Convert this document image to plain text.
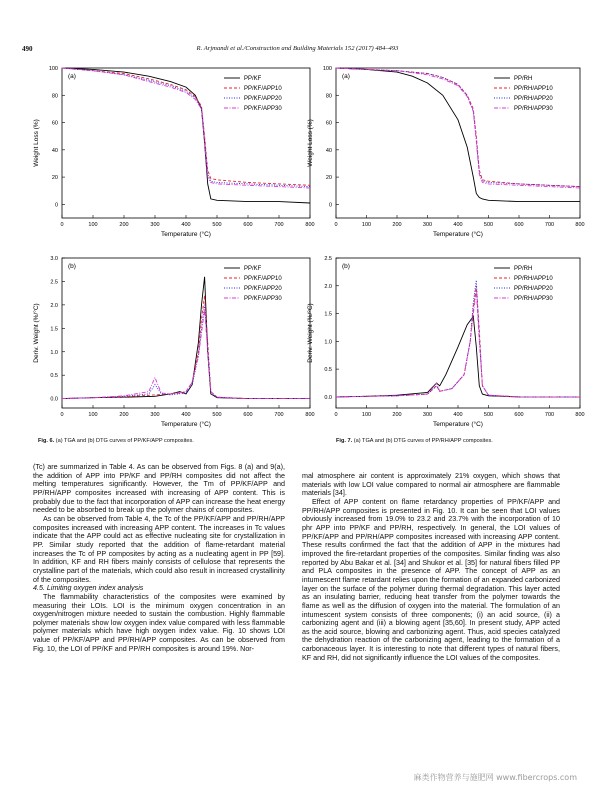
490	R. Arjmandi et al./Construction and Building Materials 152 (2017) 484–493
0	100	200	300	400	500	600	700	800
0
20
40
60
80
100
Temperature (°C)
Weight Loss (%)
(a)	PP/KF
PP/KF/APP10
PP/KF/APP20
PP/KF/APP30
0	100	200	300	400	500	600	700	800
0.0
0.5
1.0
1.5
2.0
2.5
3.0
Temperature (°C)
Deriv. Weight (%/°C)
(b)	PP/KF
PP/KF/APP10
PP/KF/APP20
PP/KF/APP30
Fig. 6. (a) TGA and (b) DTG curves of PP/KF/APP composites.
0	100	200	300	400	500	600	700	800
0
20
40
60
80
100
Temperature (°C)
Weight Loss (%)
(a)	PP/RH
PP/RH/APP10
PP/RH/APP20
PP/RH/APP30
0	100	200	300	400	500	600	700	800
0.0
0.5
1.0
1.5
2.0
2.5
Temperature (°C)
Deriv. Weight (%/°C)
(b)	PP/RH
PP/RH/APP10
PP/RH/APP20
PP/RH/APP30
Fig. 7. (a) TGA and (b) DTG curves of PP/RH/APP composites.

(Tc) are summarized in Table 4. As can be observed from Figs. 8 (a) and 9(a), the addition of APP into PP/KF and PP/RH composites did not affect the melting temperatures significantly. However, the Tm of PP/KF/APP and PP/RH/APP composites increased with increasing of APP content. This is probably due to the fact that incorporation of APP can increase the heat energy needed to be absorbed to break up the polymer chains of composites.

As can be observed from Table 4, the Tc of the PP/KF/APP and PP/RH/APP composites increased with increasing APP content. The increases in Tc values indicate that the APP could act as effective nucleating site for crystallization in PP. Similar study reported that the addition of flame-retardant material increases the Tc of PP composites by acting as a nucleating agent in PP [59]. In addition, KF and RH fibers mainly consists of cellulose that represents the crystalline part of the materials, which could also result in increased crystallinity of the composites.

4.5. Limiting oxygen index analysis

The flammability characteristics of the composites were examined by measuring their LOIs. LOI is the minimum oxygen concentration in an oxygen/nitrogen mixture needed to sustain the combustion. Highly flammable polymer materials show low oxygen index value compared with less flammable polymer materials which have high oxygen index value. Fig. 10 shows LOI value of PP/KF/APP and PP/RH/APP composites. As can be observed from Fig. 10, the LOI of PP/KF and PP/RH composites is around 19%. Nor-

mal atmosphere air content is approximately 21% oxygen, which shows that materials with low LOI value compared to normal air atmosphere are flammable materials [34].

Effect of APP content on flame retardancy properties of PP/KF/APP and PP/RH/APP composites is presented in Fig. 10. It can be seen that LOI values obviously increased from 19.0% to 23.2 and 23.7% with the incorporation of 10 phr APP into PP/KF and PP/RH, respectively. In general, the LOI values of PP/KF/APP and PP/RH/APP composites increased with increasing APP content. These results confirmed the fact that the addition of APP in the mixtures had improved the fire-retardant properties of the composites. Similar finding was also reported by Abu Bakar et al. [34] and Shukor et al. [35] for natural fibers filled PP and PLA composites in the presence of APP. The concept of APP as an intumescent flame retardant relies upon the formation of an expanded carbonized layer on the surface of the polymer during thermal degradation. This layer acted as an insulating barrier, reducing heat transfer from the polymer towards the flame as well as the diffusion of oxygen into the material. The formulation of an intumescent system consists of three components; (i) an acid source, (ii) a carbonizing agent and (iii) a blowing agent [35,60]. In present study, APP acted as the acid source, blowing and carbonizing agent. Thus, acid species catalyzed the dehydration reaction of the carbonizing agent, leading to the formation of a carbonaceous layer. It is interesting to note that different types of natural fibers, KF and RH, did not significantly influence the LOI values of the composites.

麻类作物营养与施肥网 www.fibercrops.com
